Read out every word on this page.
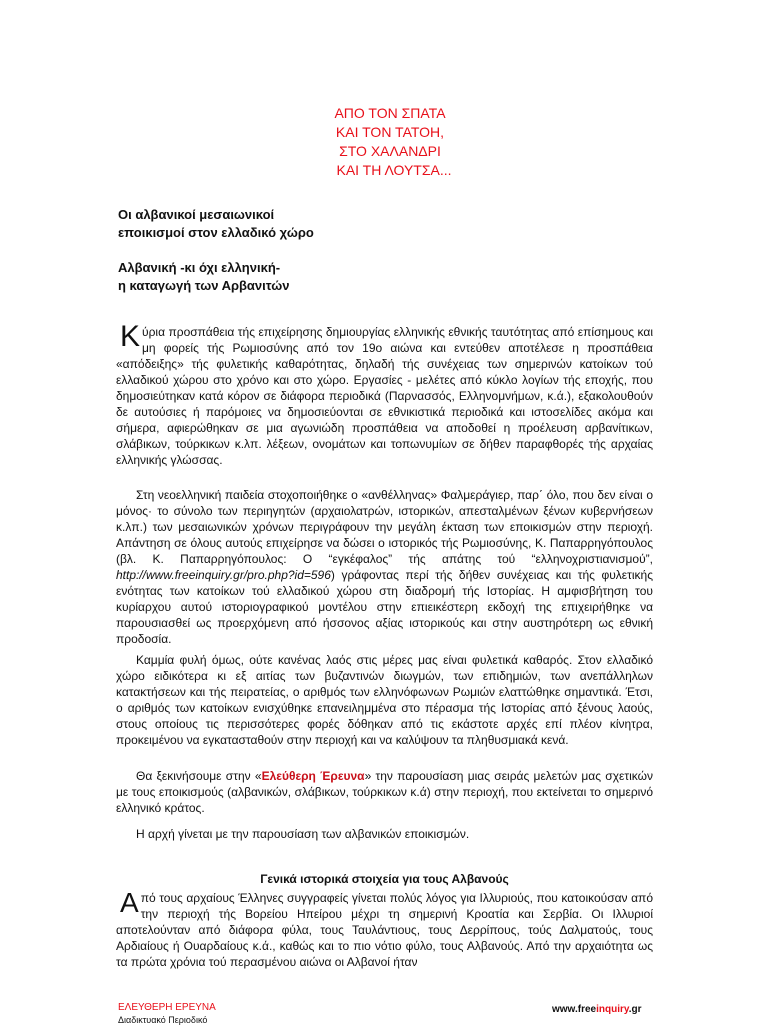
ΑΠΟ ΤΟΝ ΣΠΑΤΑ
ΚΑΙ ΤΟΝ ΤΑΤΟΗ,
ΣΤΟ ΧΑΛΑΝΔΡΙ
ΚΑΙ ΤΗ ΛΟΥΤΣΑ...
Οι αλβανικοί μεσαιωνικοί
εποικισμοί στον ελλαδικό χώρο
Αλβανική -κι όχι ελληνική-
η καταγωγή των Αρβανιτών

Κύρια προσπάθεια τής επιχείρησης δημιουργίας ελληνικής εθνικής ταυτότητας από επίσημους και μη φορείς τής Ρωμιοσύνης από τον 19ο αιώνα και εντεύθεν αποτέλεσε η προσπάθεια «απόδειξης» τής φυλετικής καθαρότητας, δηλαδή τής συνέχειας των σημερινών κατοίκων τού ελλαδικού χώρου στο χρόνο και στο χώρο. Εργασίες - μελέτες από κύκλο λογίων τής εποχής, που δημοσιεύτηκαν κατά κόρον σε διάφορα περιοδικά (Παρνασσός, Ελληνομνήμων, κ.ά.), εξακολουθούν δε αυτούσιες ή παρόμοιες να δημοσιεύονται σε εθνικιστικά περιοδικά και ιστοσελίδες ακόμα και σήμερα, αφιερώθηκαν σε μια αγωνιώδη προσπάθεια να αποδοθεί η προέλευση αρβανίτικων, σλάβικων, τούρκικων κ.λπ. λέξεων, ονομάτων και τοπωνυμίων σε δήθεν παραφθορές τής αρχαίας ελληνικής γλώσσας.

Στη νεοελληνική παιδεία στοχοποιήθηκε ο «ανθέλληνας» Φαλμεράγιερ, παρ΄ όλο, που δεν είναι ο μόνος· το σύνολο των περιηγητών (αρχαιολατρών, ιστορικών, απεσταλμένων ξένων κυβερνήσεων κ.λπ.) των μεσαιωνικών χρόνων περιγράφουν την μεγάλη έκταση των εποικισμών στην περιοχή. Απάντηση σε όλους αυτούς επιχείρησε να δώσει ο ιστορικός τής Ρωμιοσύνης, Κ. Παπαρρηγόπουλος (βλ. Κ. Παπαρρηγόπουλος: Ο “εγκέφαλος” τής απάτης τού “ελληνοχριστιανισμού”, http://www.freeinquiry.gr/pro.php?id=596) γράφοντας περί τής δήθεν συνέχειας και τής φυλετικής ενότητας των κατοίκων τού ελλαδικού χώρου στη διαδρομή τής Ιστορίας. Η αμφισβήτηση του κυρίαρχου αυτού ιστοριογραφικού μοντέλου στην επιεικέστερη εκδοχή της επιχειρήθηκε να παρουσιασθεί ως προερχόμενη από ήσσονος αξίας ιστορικούς και στην αυστηρότερη ως εθνική προδοσία.

Καμμία φυλή όμως, ούτε κανένας λαός στις μέρες μας είναι φυλετικά καθαρός. Στον ελλαδικό χώρο ειδικότερα κι εξ αιτίας των βυζαντινών διωγμών, των επιδημιών, των ανεπάλληλων κατακτήσεων και τής πειρατείας, ο αριθμός των ελληνόφωνων Ρωμιών ελαττώθηκε σημαντικά. Έτσι, ο αριθμός των κατοίκων ενισχύθηκε επανειλημμένα στο πέρασμα τής Ιστορίας από ξένους λαούς, στους οποίους τις περισσότερες φορές δόθηκαν από τις εκάστοτε αρχές επί πλέον κίνητρα, προκειμένου να εγκατασταθούν στην περιοχή και να καλύψουν τα πληθυσμιακά κενά.

Θα ξεκινήσουμε στην «Ελεύθερη Έρευνα» την παρουσίαση μιας σειράς μελετών μας σχετικών με τους εποικισμούς (αλβανικών, σλάβικων, τούρκικων κ.ά) στην περιοχή, που εκτείνεται το σημερινό ελληνικό κράτος.

Η αρχή γίνεται με την παρουσίαση των αλβανικών εποικισμών.

Γενικά ιστορικά στοιχεία για τους Αλβανούς

Από τους αρχαίους Έλληνες συγγραφείς γίνεται πολύς λόγος για Ιλλυριούς, που κατοικούσαν από την περιοχή τής Βορείου Ηπείρου μέχρι τη σημερινή Κροατία και Σερβία. Οι Ιλλυριοί αποτελούνταν από διάφορα φύλα, τους Ταυλάντιους, τους Δερρίπους, τούς Δαλματούς, τους Αρδιαίους ή Ουαρδαίους κ.ά., καθώς και το πιο νότιο φύλο, τους Αλβανούς. Από την αρχαιότητα ως τα πρώτα χρόνια τού περασμένου αιώνα οι Αλβανοί ήταν

ΕΛΕΥΘΕΡΗ ΕΡΕΥΝΑ
Διαδικτυακό Περιοδικό
www.freeinquiry.gr
